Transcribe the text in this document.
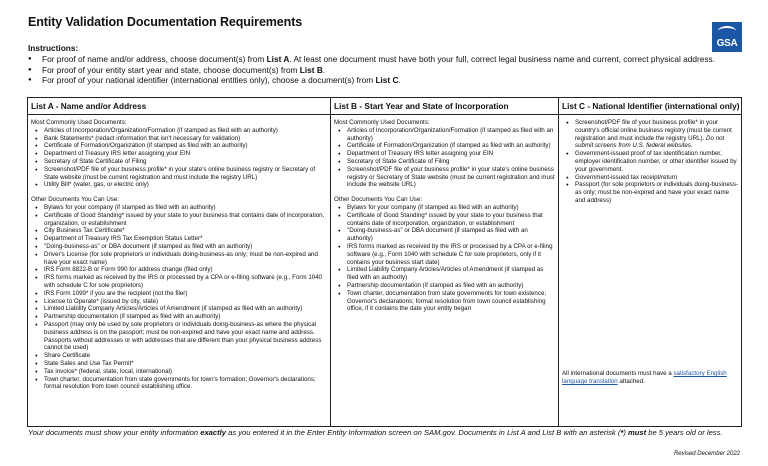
Entity Validation Documentation Requirements
GSA
Instructions:
● For proof of name and/or address, choose document(s) from List A. At least one document must have both your full, correct legal business name and current, correct physical address.
● For proof of your entity start year and state, choose document(s) from List B.
● For proof of your national identifier (international entities only), choose a document(s) from List C.
List A - Name and/or Address
Most Commonly Used Documents:
● Articles of Incorporation/Organization/Formation (if stamped as filed with an authority)
● Bank Statements* (redact information that isn't necessary for validation)
● Certificate of Formation/Organization (if stamped as filed with an authority)
● Department of Treasury IRS letter assigning your EIN
● Secretary of State Certificate of Filing
● Screenshot/PDF file of your business profile* in your state's online business registry or Secretary of State website (must be current registration and must include the registry URL)
● Utility Bill* (water, gas, or electric only)
Other Documents You Can Use:
● Bylaws for your company (if stamped as filed with an authority)
● Certificate of Good Standing* issued by your state to your business that contains date of incorporation, organization, or establishment
● City Business Tax Certificate*
● Department of Treasury IRS Tax Exemption Status Letter*
● "Doing-business-as" or DBA document (if stamped as filed with an authority)
● Driver's License (for sole proprietors or individuals doing-business-as only; must be non-expired and have your exact name)
● IRS Form 8822-B or Form 990 for address change (filed only)
● IRS forms marked as received by the IRS or processed by a CPA or e-filing software (e.g., Form 1040 with schedule C for sole proprietors)
● IRS Form 1099* if you are the recipient (not the filer)
● License to Operate* (issued by city, state)
● Limited Liability Company Articles/Articles of Amendment (if stamped as filed with an authority)
● Partnership documentation (if stamped as filed with an authority)
● Passport (may only be used by sole proprietors or individuals doing-business-as where the physical business address is on the passport; must be non-expired and have your exact name and address. Passports without addresses or with addresses that are different than your physical business address cannot be used)
● Share Certificate
● State Sales and Use Tax Permit*
● Tax invoice* (federal, state, local, international)
● Town charter, documentation from state governments for town's formation; Governor's declarations; formal resolution from town council establishing office.
List B - Start Year and State of Incorporation
Most Commonly Used Documents:
● Articles of Incorporation/Organization/Formation (if stamped as filed with an authority)
● Certificate of Formation/Organization (if stamped as filed with an authority)
● Department of Treasury IRS letter assigning your EIN
● Secretary of State Certificate of Filing
● Screenshot/PDF file of your business profile* in your state's online business registry or Secretary of State website (must be current registration and must include the website URL)
Other Documents You Can Use:
● Bylaws for your company (if stamped as filed with an authority)
● Certificate of Good Standing* issued by your state to your business that contains date of incorporation, organization, or establishment
● "Doing-business-as" or DBA document (if stamped as filed with an authority)
● IRS forms marked as received by the IRS or processed by a CPA or e-filing software (e.g., Form 1040 with schedule C for sole proprietors, only if it contains your business start date)
● Limited Liability Company Articles/Articles of Amendment (if stamped as filed with an authority)
● Partnership documentation (if stamped as filed with an authority)
● Town charter, documentation from state governments for town existence; Governor's declarations; formal resolution from town council establishing office, if it contains the date your entity began
List C - National Identifier (international only)
● Screenshot/PDF file of your business profile* in your country's official online business registry (must be current registration and must include the registry URL). Do not submit screens from U.S. federal websites.
● Government-issued proof of tax identification number, employer identification number, or other identifier issued by your government.
● Government-issued tax receipt/return
● Passport (for sole proprietors or individuals doing-business-as only; must be non-expired and have your exact name and address)
All international documents must have a satisfactory English language translation attached.
Your documents must show your entity information exactly as you entered it in the Enter Entity Information screen on SAM.gov. Documents in List A and List B with an asterisk (*) must be 5 years old or less.
Revised December 2022
